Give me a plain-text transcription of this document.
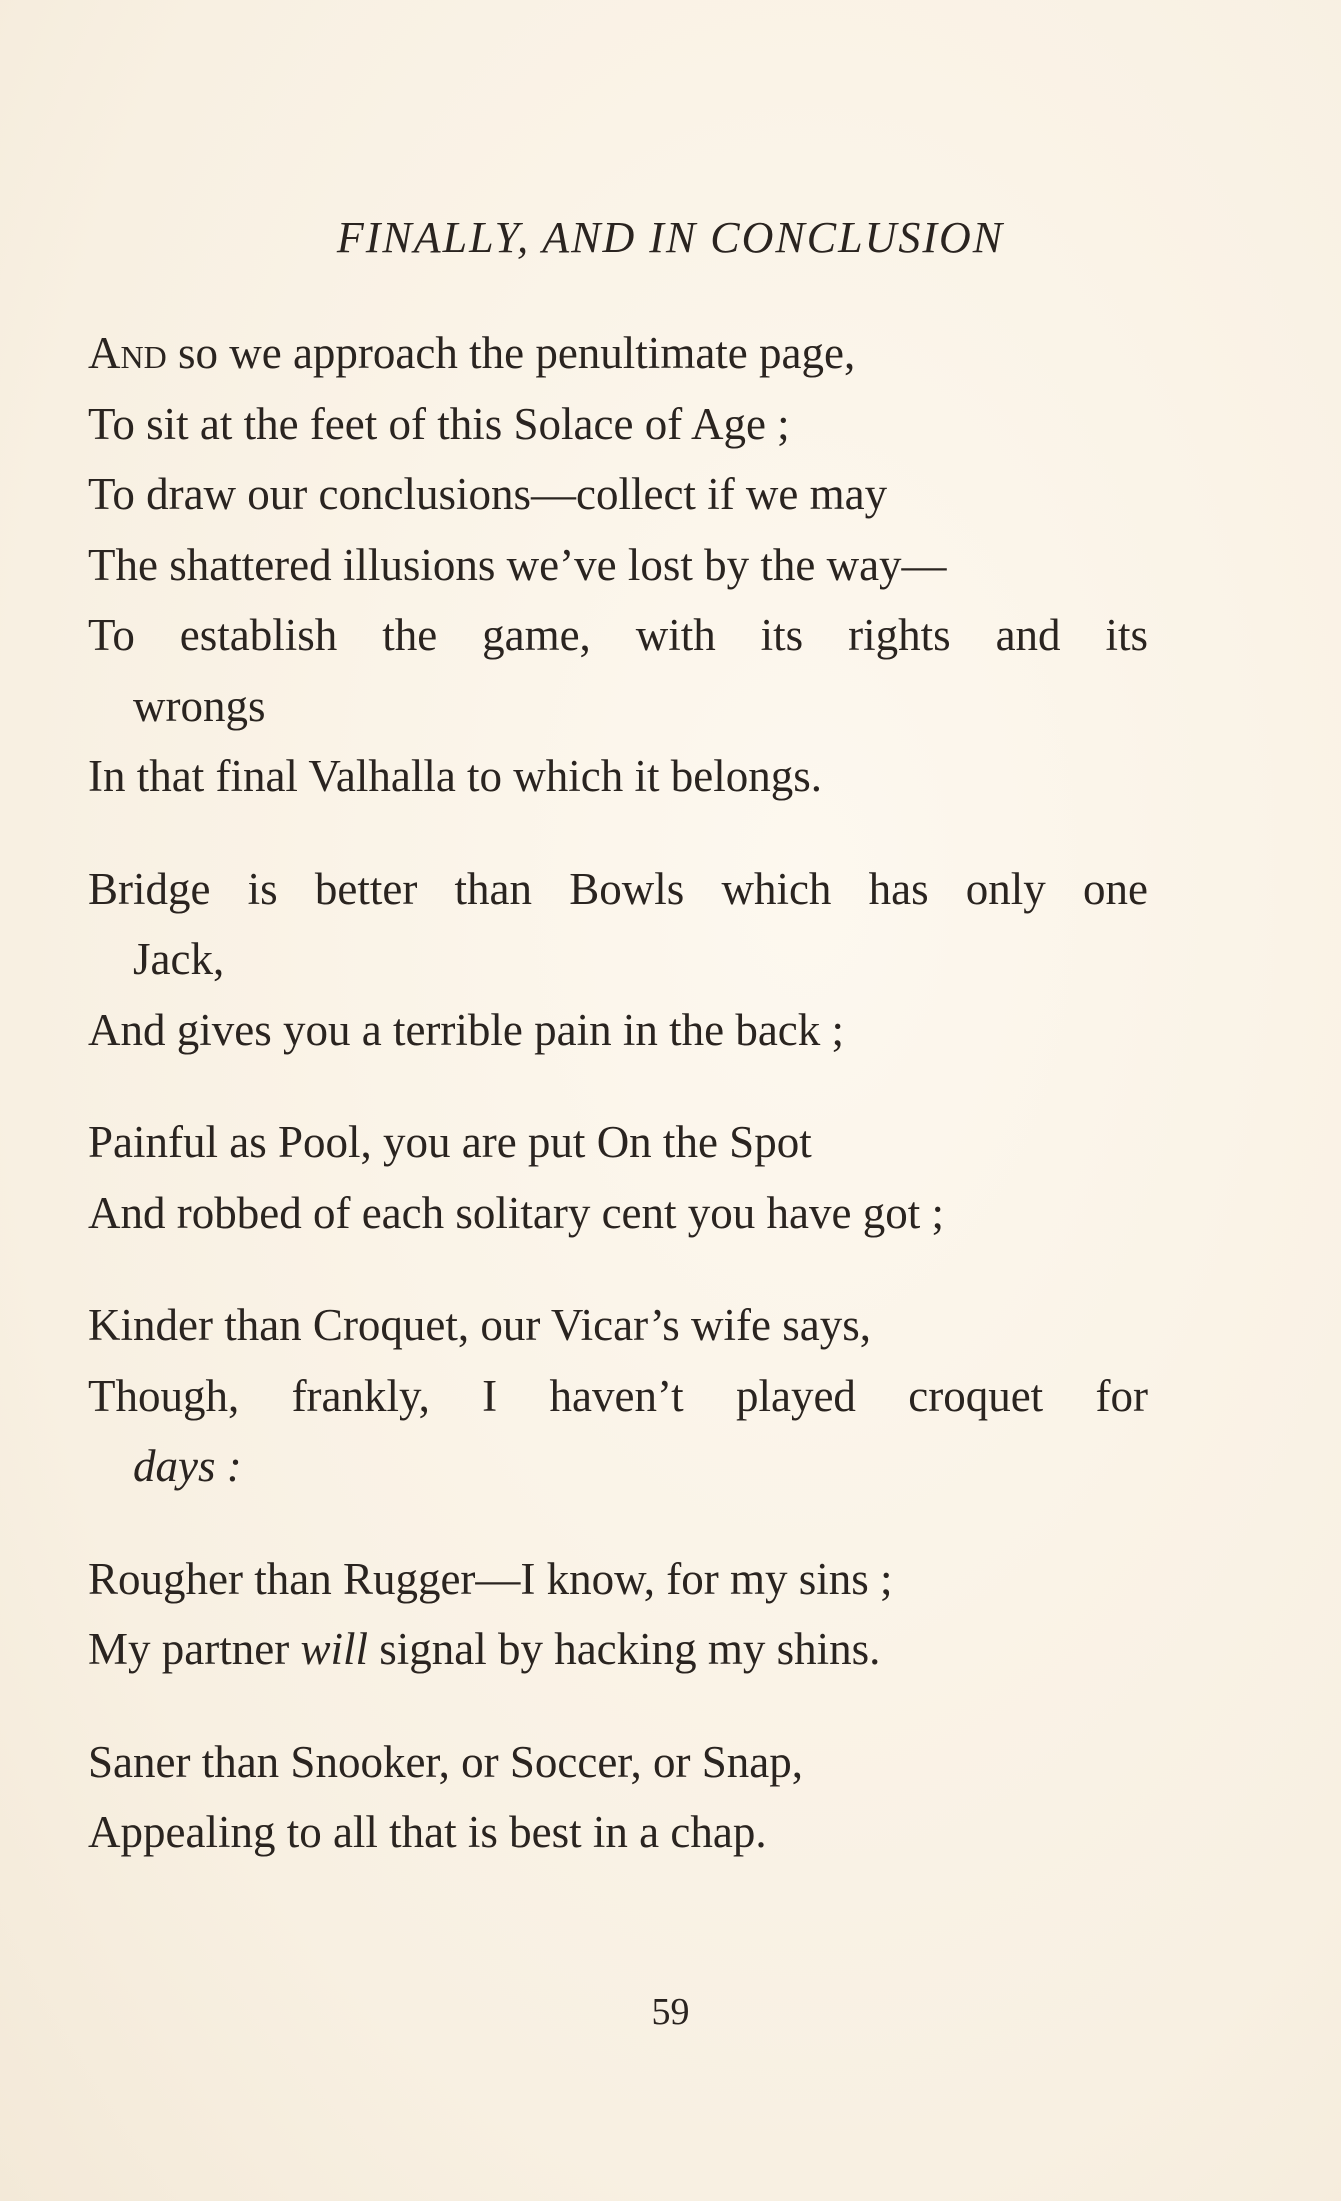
FINALLY, AND IN CONCLUSION
And so we approach the penultimate page,
To sit at the feet of this Solace of Age ;
To draw our conclusions—collect if we may
The shattered illusions we’ve lost by the way—
To establish the game, with its rights and its
wrongs
In that final Valhalla to which it belongs.
Bridge is better than Bowls which has only one
Jack,
And gives you a terrible pain in the back ;
Painful as Pool, you are put On the Spot
And robbed of each solitary cent you have got ;
Kinder than Croquet, our Vicar’s wife says,
Though, frankly, I haven’t played croquet for
days :
Rougher than Rugger—I know, for my sins ;
My partner will signal by hacking my shins.
Saner than Snooker, or Soccer, or Snap,
Appealing to all that is best in a chap.
59
